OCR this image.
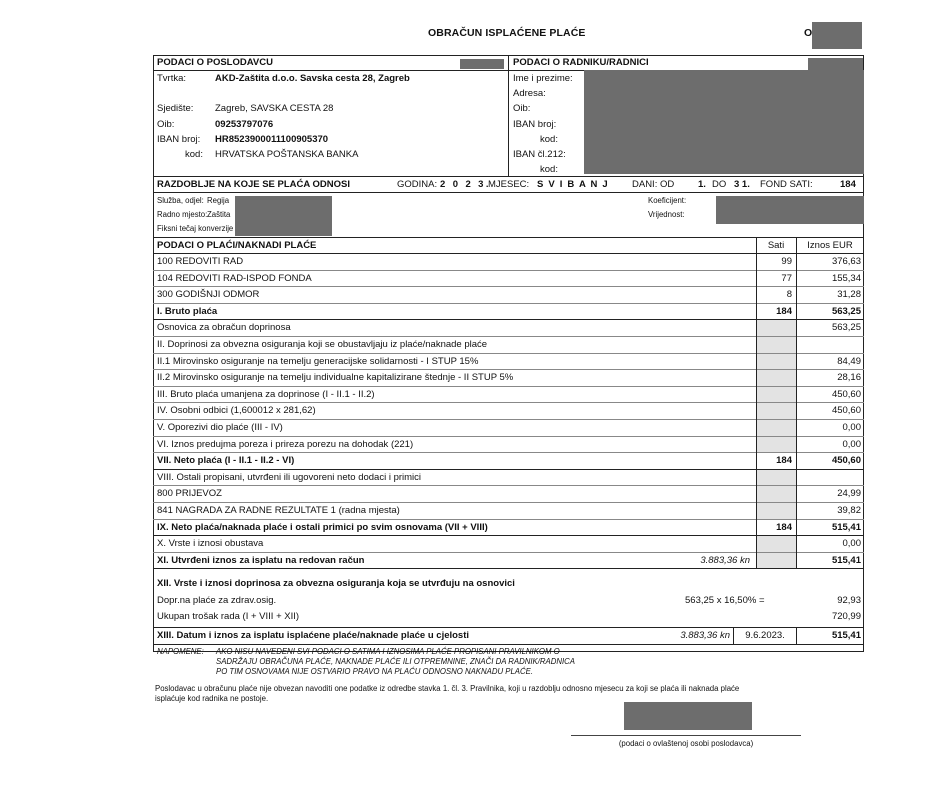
OBRAČUN ISPLAĆENE PLAĆE	O
PODACI O POSLODAVCU	PODACI O RADNIKU/RADNICI
Tvrtka:	AKD-Zaštita d.o.o. Savska cesta 28, Zagreb
Sjedište: Zagreb, SAVSKA CESTA 28
Oib:	09253797076
IBAN broj: HR8523900011100905370
kod: HRVATSKA POŠTANSKA BANKA
Ime i prezime:
Adresa:
Oib:
IBAN broj:
kod:
IBAN čl.212:
kod:
RAZDOBLJE NA KOJE SE PLAĆA ODNOSI	GODINA: 2 0 2 3.
MJESEC: S V I B A N J DANI: OD	1. DO 3 1. FOND SATI:	184
Služba, odjel: Regija
Radno mjesto: Zaštita
Fiksni tečaj konverzije
Koeficijent:
Vrijednost:
PODACI O PLAĆI/NAKNADI PLAĆE	Sati	Iznos EUR
100 REDOVITI RAD	99	376,63
104 REDOVITI RAD-ISPOD FONDA	77	155,34
300 GODIŠNJI ODMOR	8	31,28
I. Bruto plaća	184	563,25
Osnovica za obračun doprinosa	563,25
II. Doprinosi za obvezna osiguranja koji se obustavljaju iz plaće/naknade plaće
II.1 Mirovinsko osiguranje na temelju generacijske solidarnosti - I STUP 15%	84,49
II.2 Mirovinsko osiguranje na temelju individualne kapitalizirane štednje - II STUP 5%	28,16
III. Bruto plaća umanjena za doprinose (I - II.1 - II.2)	450,60
IV. Osobni odbici (1,600012 x 281,62)	450,60
V. Oporezivi dio plaće (III - IV)	0,00
VI. Iznos predujma poreza i prireza porezu na dohodak (221)	0,00
VII. Neto plaća (I - II.1 - II.2 - VI)	184	450,60
VIII. Ostali propisani, utvrđeni ili ugovoreni neto dodaci i primici
800 PRIJEVOZ	24,99
841 NAGRADA ZA RADNE REZULTATE 1 (radna mjesta)	39,82
IX. Neto plaća/naknada plaće i ostali primici po svim osnovama (VII + VIII)	184	515,41
X. Vrste i iznosi obustava	0,00
XI. Utvrđeni iznos za isplatu na redovan račun	3.883,36 kn	515,41
XII. Vrste i iznosi doprinosa za obvezna osiguranja koja se utvrđuju na osnovici
Dopr.na plaće za zdrav.osig.	563,25 x 16,50% =	92,93
Ukupan trošak rada (I + VIII + XII)	720,99
XIII. Datum i iznos za isplatu isplaćene plaće/naknade plaće u cjelosti	3.883,36 kn	9.6.2023.	515,41
NAPOMENE: AKO NISU NAVEDENI SVI PODACI O SATIMA I IZNOSIMA PLAĆE PROPISANI PRAVILNIKOM O
SADRŽAJU OBRAČUNA PLAĆE, NAKNADE PLAĆE ILI OTPREMNINE, ZNAČI DA RADNIK/RADNICA
PO TIM OSNOVAMA NIJE OSTVARIO PRAVO NA PLAĆU ODNOSNO NAKNADU PLAĆE.
Poslodavac u obračunu plaće nije obvezan navoditi one podatke iz odredbe stavka 1. čl. 3. Pravilnika, koji u razdoblju odnosno mjesecu za koji se plaća ili naknada plaće
isplaćuje kod radnika ne postoje.
(podaci o ovlaštenoj osobi poslodavca)
